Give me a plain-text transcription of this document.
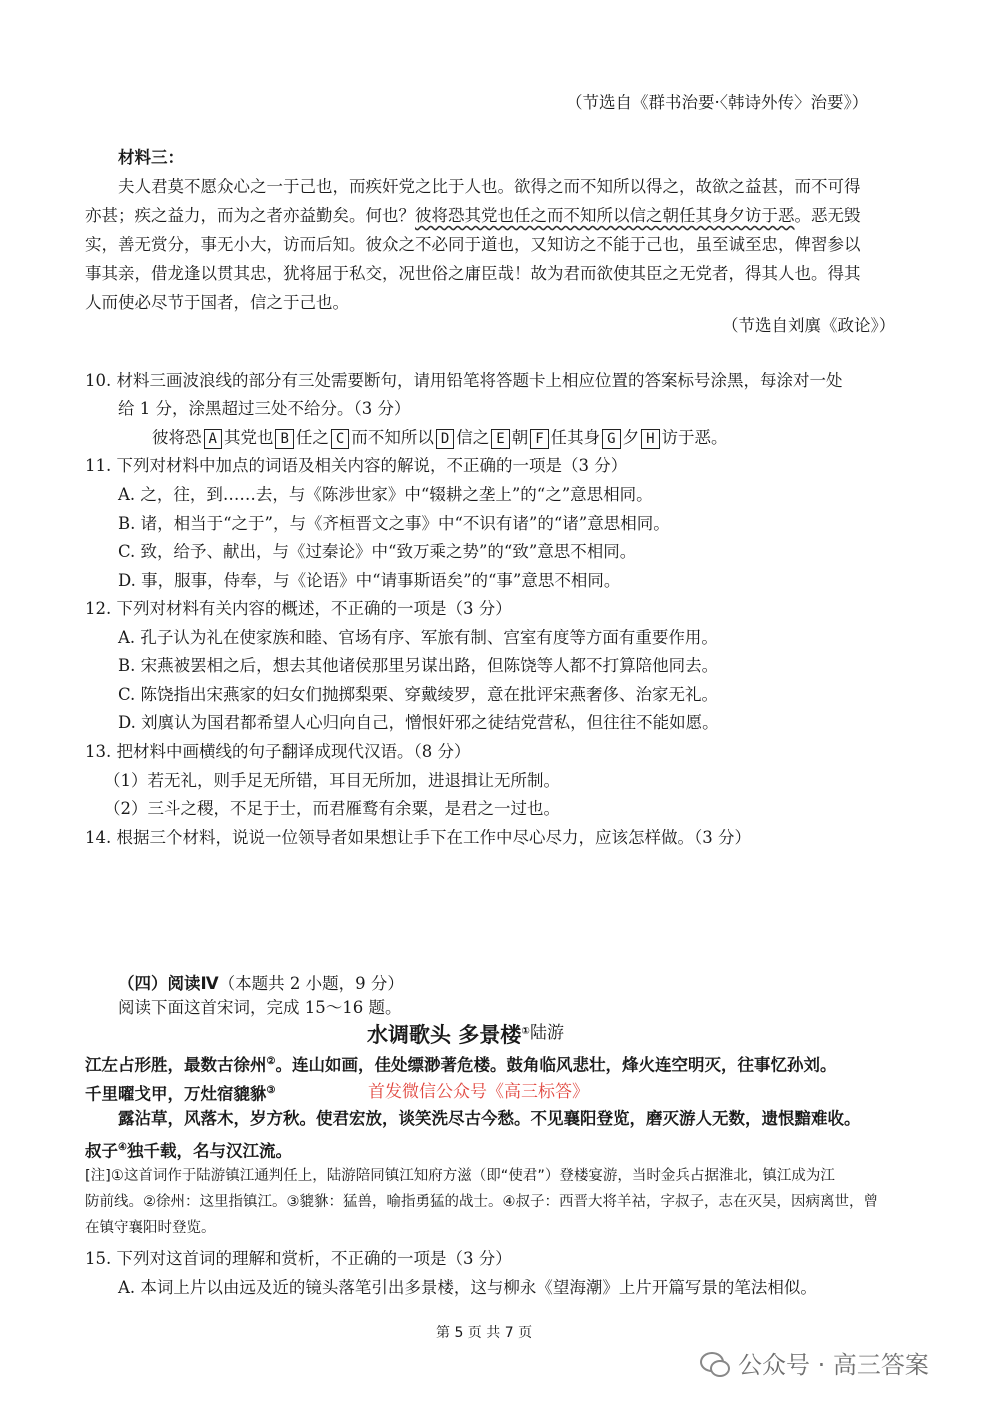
（节选自《群书治要·〈韩诗外传〉治要》）
材料三：
夫人君莫不愿众心之一于己也，而疾奸党之比于人也。欲得之而不知所以得之，故欲之益甚，而不可得
亦甚；疾之益力，而为之者亦益勤矣。何也？彼将恐其党也任之而不知所以信之朝任其身夕访于恶。恶无毁
实，善无赏分，事无小大，访而后知。彼众之不必同于道也，又知访之不能于己也，虽至诚至忠，俾習参以
事其亲，借龙逢以贯其忠，犹将屈于私交，况世俗之庸臣哉！故为君而欲使其臣之无党者，得其人也。得其
人而使必尽节于国者，信之于己也。
（节选自刘廙《政论》）
10. 材料三画波浪线的部分有三处需要断句，请用铅笔将答题卡上相应位置的答案标号涂黑，每涂对一处
给 1 分，涂黑超过三处不给分。（3 分）
彼将恐 A 其党也 B 任之 C 而不知所以 D 信之 E 朝 F 任其身 G 夕 H 访于恶。
11. 下列对材料中加点的词语及相关内容的解说，不正确的一项是（3 分）
A. 之，往，到……去，与《陈涉世家》中“辍耕之垄上”的“之”意思相同。
B. 诸，相当于“之于”，与《齐桓晋文之事》中“不识有诸”的“诸”意思相同。
C. 致，给予、献出，与《过秦论》中“致万乘之势”的“致”意思不相同。
D. 事，服事，侍奉，与《论语》中“请事斯语矣”的“事”意思不相同。
12. 下列对材料有关内容的概述，不正确的一项是（3 分）
A. 孔子认为礼在使家族和睦、官场有序、军旅有制、宫室有度等方面有重要作用。
B. 宋燕被罢相之后，想去其他诸侯那里另谋出路，但陈饶等人都不打算陪他同去。
C. 陈饶指出宋燕家的妇女们抛掷梨栗、穿戴绫罗，意在批评宋燕奢侈、治家无礼。
D. 刘廙认为国君都希望人心归向自己，憎恨奸邪之徒结党营私，但往往不能如愿。
13. 把材料中画横线的句子翻译成现代汉语。（8 分）
（1）若无礼，则手足无所错，耳目无所加，进退揖让无所制。
（2）三斗之稷，不足于士，而君雁鹜有余粟，是君之一过也。
14. 根据三个材料，说说一位领导者如果想让手下在工作中尽心尽力，应该怎样做。（3 分）
（四）阅读Ⅳ（本题共 2 小题，9 分）
阅读下面这首宋词，完成 15～16 题。
水调歌头 多景楼① 陆游
江左占形胜，最数古徐州②。连山如画，佳处缥渺著危楼。鼓角临风悲壮，烽火连空明灭，往事忆孙刘。
千里曜戈甲，万灶宿貔貅③	首发微信公众号《高三标答》
露沾草，风落木，岁方秋。使君宏放，谈笑洗尽古今愁。不见襄阳登览，磨灭游人无数，遗恨黯难收。
叔子④独千载，名与汉江流。
[注]①这首词作于陆游镇江通判任上，陆游陪同镇江知府方滋（即“使君”）登楼宴游，当时金兵占据淮北，镇江成为江
防前线。②徐州：这里指镇江。③貔貅：猛兽，喻指勇猛的战士。④叔子：西晋大将羊祜，字叔子，志在灭吴，因病离世，曾
在镇守襄阳时登览。
15. 下列对这首词的理解和赏析，不正确的一项是（3 分）
A. 本词上片以由远及近的镜头落笔引出多景楼，这与柳永《望海潮》上片开篇写景的笔法相似。
第 5 页 共 7 页
公众号 · 高三答案
